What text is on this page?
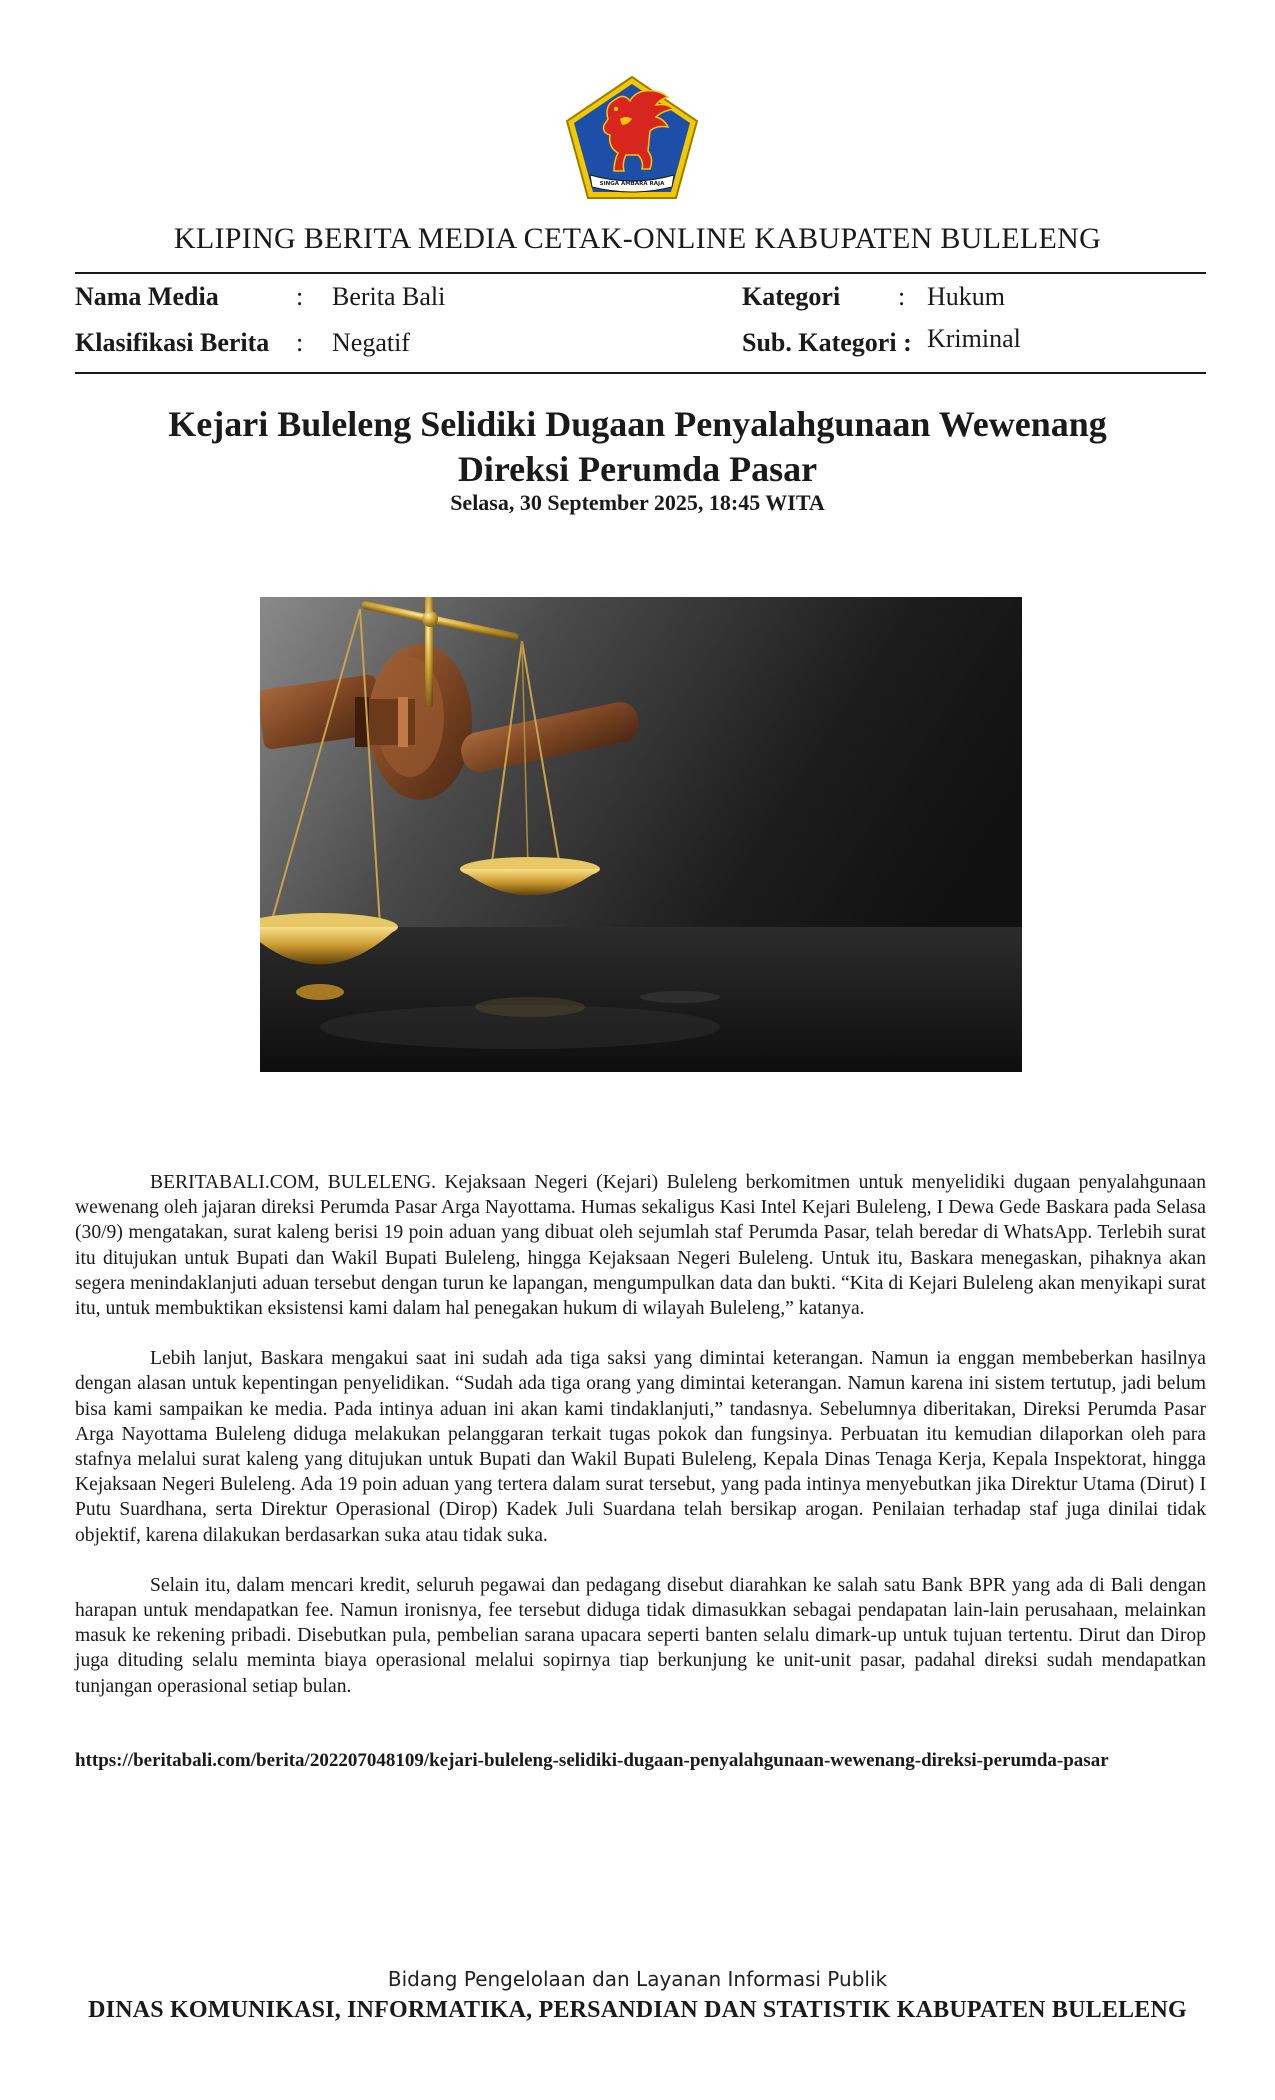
SINGA AMBARA RAJA
KLIPING BERITA MEDIA CETAK-ONLINE KABUPATEN BULELENG
Nama Media	: Berita Bali	Kategori : Hukum
Klasifikasi Berita : Negatif	Sub. Kategori : Kriminal
Kejari Buleleng Selidiki Dugaan Penyalahgunaan Wewenang
Direksi Perumda Pasar
Selasa, 30 September 2025, 18:45 WITA

BERITABALI.COM, BULELENG. Kejaksaan Negeri (Kejari) Buleleng berkomitmen untuk menyelidiki dugaan penyalahgunaan wewenang oleh jajaran direksi Perumda Pasar Arga Nayottama. Humas sekaligus Kasi Intel Kejari Buleleng, I Dewa Gede Baskara pada Selasa (30/9) mengatakan, surat kaleng berisi 19 poin aduan yang dibuat oleh sejumlah staf Perumda Pasar, telah beredar di WhatsApp. Terlebih surat itu ditujukan untuk Bupati dan Wakil Bupati Buleleng, hingga Kejaksaan Negeri Buleleng. Untuk itu, Baskara menegaskan, pihaknya akan segera menindaklanjuti aduan tersebut dengan turun ke lapangan, mengumpulkan data dan bukti. “Kita di Kejari Buleleng akan menyikapi surat itu, untuk membuktikan eksistensi kami dalam hal penegakan hukum di wilayah Buleleng,” katanya.

Lebih lanjut, Baskara mengakui saat ini sudah ada tiga saksi yang dimintai keterangan. Namun ia enggan membeberkan hasilnya dengan alasan untuk kepentingan penyelidikan. “Sudah ada tiga orang yang dimintai keterangan. Namun karena ini sistem tertutup, jadi belum bisa kami sampaikan ke media. Pada intinya aduan ini akan kami tindaklanjuti,” tandasnya. Sebelumnya diberitakan, Direksi Perumda Pasar Arga Nayottama Buleleng diduga melakukan pelanggaran terkait tugas pokok dan fungsinya. Perbuatan itu kemudian dilaporkan oleh para stafnya melalui surat kaleng yang ditujukan untuk Bupati dan Wakil Bupati Buleleng, Kepala Dinas Tenaga Kerja, Kepala Inspektorat, hingga Kejaksaan Negeri Buleleng. Ada 19 poin aduan yang tertera dalam surat tersebut, yang pada intinya menyebutkan jika Direktur Utama (Dirut) I Putu Suardhana, serta Direktur Operasional (Dirop) Kadek Juli Suardana telah bersikap arogan. Penilaian terhadap staf juga dinilai tidak objektif, karena dilakukan berdasarkan suka atau tidak suka.

Selain itu, dalam mencari kredit, seluruh pegawai dan pedagang disebut diarahkan ke salah satu Bank BPR yang ada di Bali dengan harapan untuk mendapatkan fee. Namun ironisnya, fee tersebut diduga tidak dimasukkan sebagai pendapatan lain-lain perusahaan, melainkan masuk ke rekening pribadi. Disebutkan pula, pembelian sarana upacara seperti banten selalu dimark-up untuk tujuan tertentu. Dirut dan Dirop juga dituding selalu meminta biaya operasional melalui sopirnya tiap berkunjung ke unit-unit pasar, padahal direksi sudah mendapatkan tunjangan operasional setiap bulan.

https://beritabali.com/berita/202207048109/kejari-buleleng-selidiki-dugaan-penyalahgunaan-wewenang-direksi-perumda-pasar
Bidang Pengelolaan dan Layanan Informasi Publik
DINAS KOMUNIKASI, INFORMATIKA, PERSANDIAN DAN STATISTIK KABUPATEN BULELENG
